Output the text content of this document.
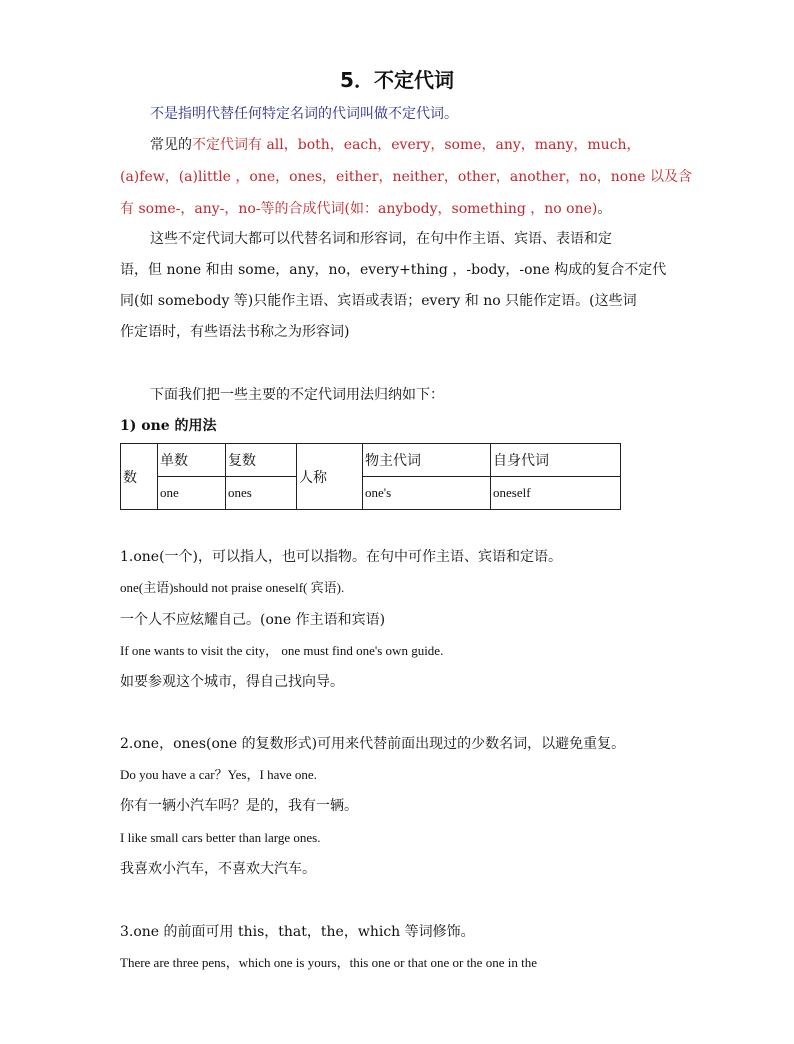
5．不定代词
不是指明代替任何特定名词的代词叫做不定代词。
常见的不定代词有 all，both，each，every，some，any，many，much，
(a)few，(a)little ，one，ones，either，neither，other，another，no，none 以及含
有 some-，any-，no-等的合成代词(如：anybody，something ，no one)。
这些不定代词大都可以代替名词和形容词，在句中作主语、宾语、表语和定
语，但 none 和由 some，any，no，every+thing ，-body，-one 构成的复合不定代
同(如 somebody 等)只能作主语、宾语或表语；every 和 no 只能作定语。(这些词
作定语时，有些语法书称之为形容词)
下面我们把一些主要的不定代词用法归纳如下：
1) one 的用法
数	单数	复数	人称	物主代词	自身代词
	one	ones		one's	oneself
1.one(一个)，可以指人，也可以指物。在句中可作主语、宾语和定语。
one(主语)should not praise oneself( 宾语).
一个人不应炫耀自己。(one 作主语和宾语)
If one wants to visit the city， one must find one's own guide.
如要参观这个城市，得自己找向导。
2.one，ones(one 的复数形式)可用来代替前面出现过的少数名词，以避免重复。
Do you have a car？Yes，I have one.
你有一辆小汽车吗？是的，我有一辆。
I like small cars better than large ones.
我喜欢小汽车，不喜欢大汽车。
3.one 的前面可用 this，that，the，which 等词修饰。
There are three pens，which one is yours，this one or that one or the one in the
